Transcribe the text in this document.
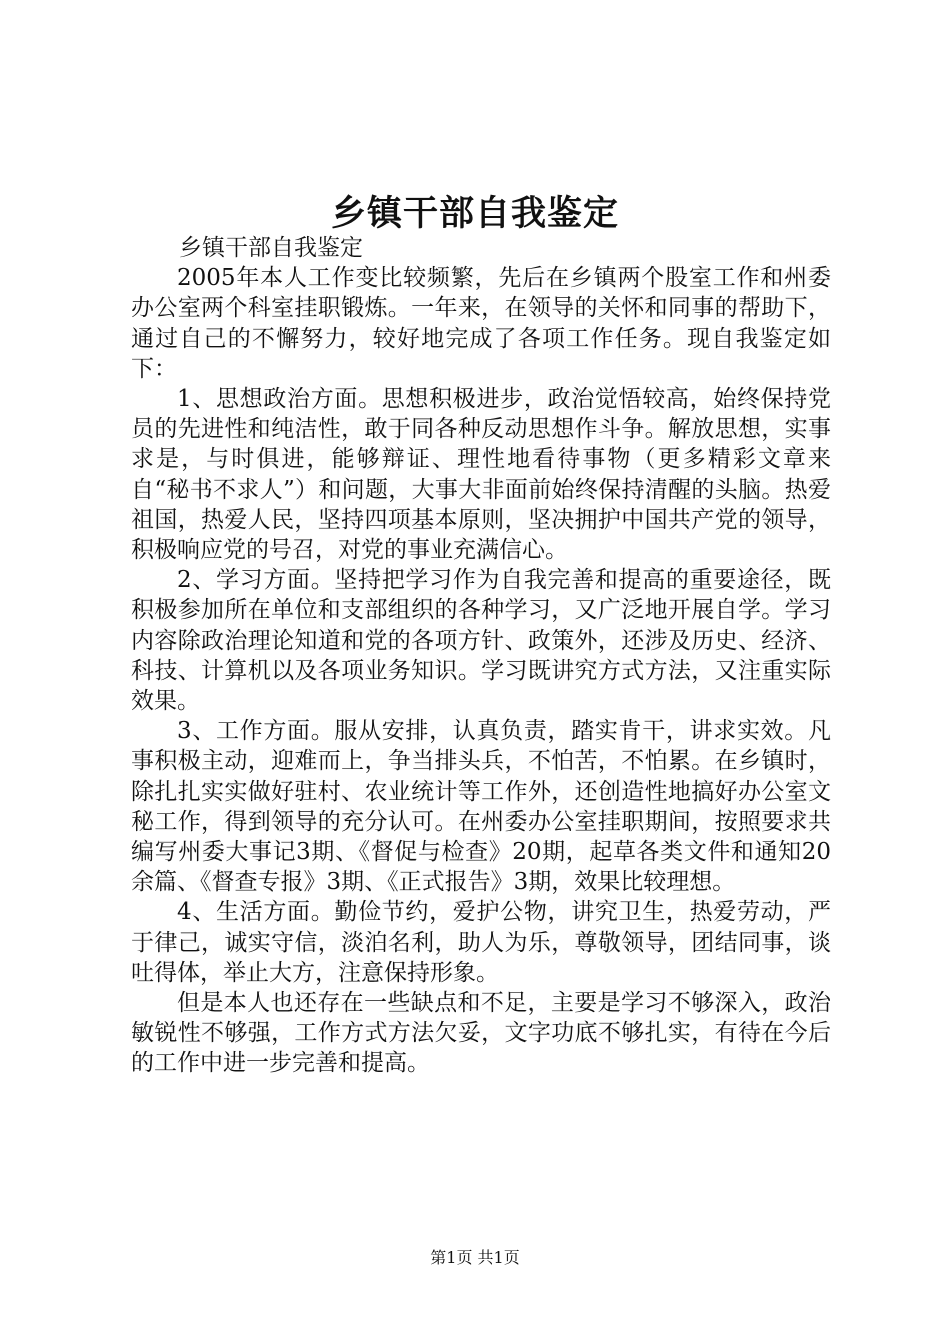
乡镇干部自我鉴定

乡镇干部自我鉴定

2005年本人工作变比较频繁，先后在乡镇两个股室工作和州委办公室两个科室挂职锻炼。一年来，在领导的关怀和同事的帮助下，通过自己的不懈努力，较好地完成了各项工作任务。现自我鉴定如下：

1、思想政治方面。思想积极进步，政治觉悟较高，始终保持党员的先进性和纯洁性，敢于同各种反动思想作斗争。解放思想，实事求是，与时俱进，能够辩证、理性地看待事物（更多精彩文章来自“秘书不求人”）和问题，大事大非面前始终保持清醒的头脑。热爱祖国，热爱人民，坚持四项基本原则，坚决拥护中国共产党的领导，积极响应党的号召，对党的事业充满信心。

2、学习方面。坚持把学习作为自我完善和提高的重要途径，既积极参加所在单位和支部组织的各种学习，又广泛地开展自学。学习内容除政治理论知道和党的各项方针、政策外，还涉及历史、经济、科技、计算机以及各项业务知识。学习既讲究方式方法，又注重实际效果。

3、工作方面。服从安排，认真负责，踏实肯干，讲求实效。凡事积极主动，迎难而上，争当排头兵，不怕苦，不怕累。在乡镇时，除扎扎实实做好驻村、农业统计等工作外，还创造性地搞好办公室文秘工作，得到领导的充分认可。在州委办公室挂职期间，按照要求共编写州委大事记3期、《督促与检查》20期，起草各类文件和通知20余篇、《督查专报》3期、《正式报告》3期，效果比较理想。

4、生活方面。勤俭节约，爱护公物，讲究卫生，热爱劳动，严于律己，诚实守信，淡泊名利，助人为乐，尊敬领导，团结同事，谈吐得体，举止大方，注意保持形象。

但是本人也还存在一些缺点和不足，主要是学习不够深入，政治敏锐性不够强，工作方式方法欠妥，文字功底不够扎实，有待在今后的工作中进一步完善和提高。

第1页 共1页
